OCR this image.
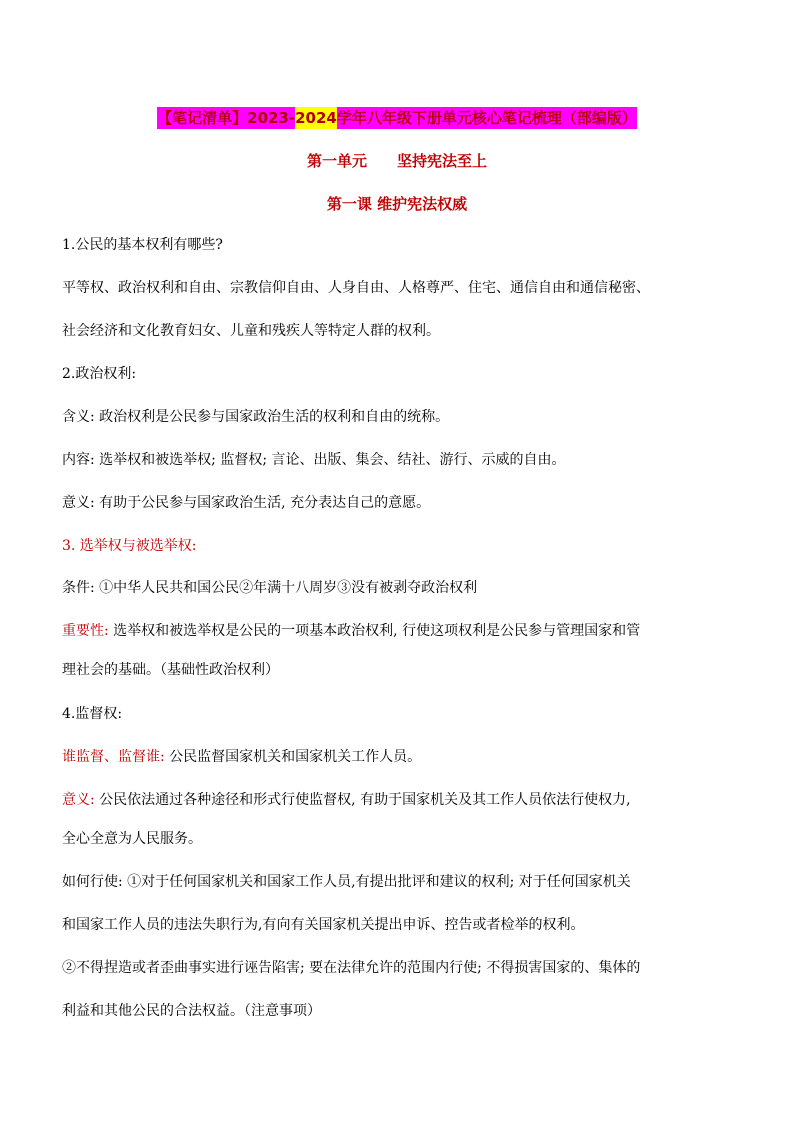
【笔记清单】2023-2024学年八年级下册单元核心笔记梳理（部编版）
第一单元　　坚持宪法至上
第一课 维护宪法权威
1.公民的基本权利有哪些?
平等权、政治权利和自由、宗教信仰自由、人身自由、人格尊严、住宅、通信自由和通信秘密、
社会经济和文化教育妇女、儿童和残疾人等特定人群的权利。
2.政治权利:
含义: 政治权利是公民参与国家政治生活的权利和自由的统称。
内容: 选举权和被选举权; 监督权; 言论、出版、集会、结社、游行、示威的自由。
意义: 有助于公民参与国家政治生活, 充分表达自己的意愿。
3. 选举权与被选举权:
条件: ①中华人民共和国公民②年满十八周岁③没有被剥夺政治权利
重要性: 选举权和被选举权是公民的一项基本政治权利, 行使这项权利是公民参与管理国家和管
理社会的基础。（基础性政治权利）
4.监督权:
谁监督、监督谁: 公民监督国家机关和国家机关工作人员。
意义: 公民依法通过各种途径和形式行使监督权, 有助于国家机关及其工作人员依法行使权力,
全心全意为人民服务。
如何行使: ①对于任何国家机关和国家工作人员,有提出批评和建议的权利; 对于任何国家机关
和国家工作人员的违法失职行为,有向有关国家机关提出申诉、控告或者检举的权利。
②不得捏造或者歪曲事实进行诬告陷害; 要在法律允许的范围内行使; 不得损害国家的、集体的
利益和其他公民的合法权益。（注意事项）
